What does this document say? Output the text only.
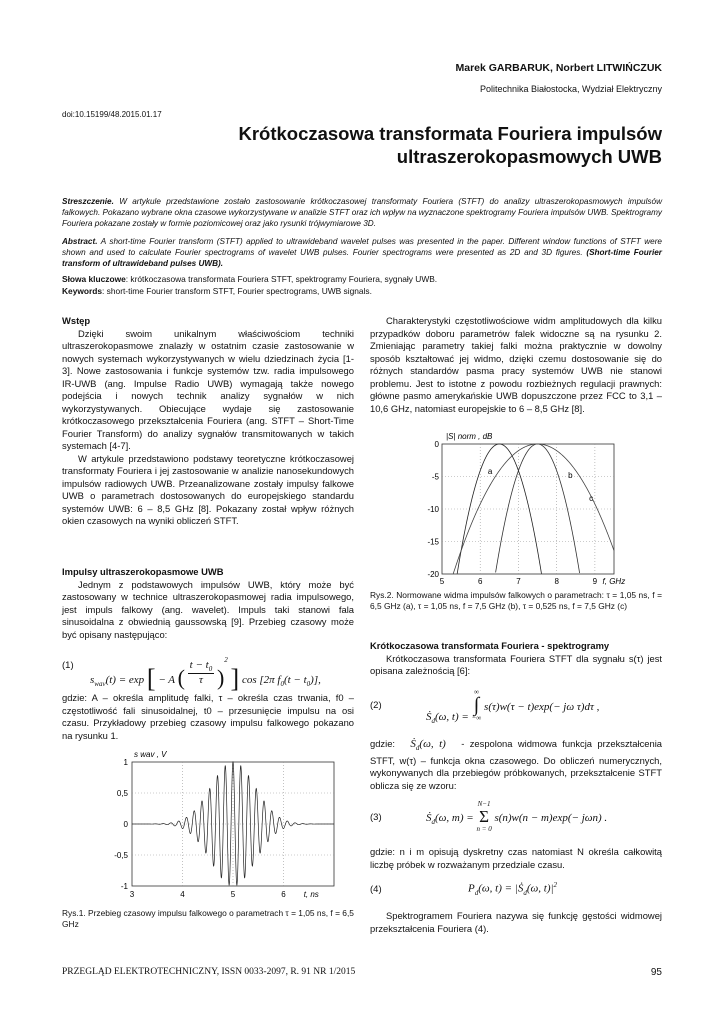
Marek GARBARUK, Norbert LITWIŃCZUK
Politechnika Białostocka, Wydział Elektryczny
doi:10.15199/48.2015.01.17
Krótkoczasowa transformata Fouriera impulsów
ultraszerokopasmowych UWB
Streszczenie. W artykule przedstawione zostało zastosowanie krótkoczasowej transformaty Fouriera (STFT) do analizy ultraszerokopasmowych impulsów falkowych. Pokazano wybrane okna czasowe wykorzystywane w analizie STFT oraz ich wpływ na wyznaczone spektrogramy Fouriera impulsów UWB. Spektrogramy Fouriera pokazane zostały w formie poziomicowej oraz jako rysunki trójwymiarowe 3D.
Abstract. A short-time Fourier transform (STFT) applied to ultrawideband wavelet pulses was presented in the paper. Different window functions of STFT were shown and used to calculate Fourier spectrograms of wavelet UWB pulses. Fourier spectrograms were presented as 2D and 3D figures. (Short-time Fourier transform of ultrawideband pulses UWB).
Słowa kluczowe: krótkoczasowa transformata Fouriera STFT, spektrogramy Fouriera, sygnały UWB.
Keywords: short-time Fourier transform STFT, Fourier spectrograms, UWB signals.
Wstęp
Dzięki swoim unikalnym właściwościom techniki ultraszerokopasmowe znalazły w ostatnim czasie zastosowanie w nowych systemach wykorzystywanych w wielu dziedzinach życia [1-3]. Nowe zastosowania i funkcje systemów tzw. radia impulsowego IR-UWB (ang. Impulse Radio UWB) wymagają także nowego podejścia i nowych technik analizy sygnałów w nich wykorzystywanych. Obiecujące wydaje się zastosowanie krótkoczasowego przekształcenia Fouriera (ang. STFT – Short-Time Fourier Transform) do analizy sygnałów transmitowanych w takich systemach [4-7].
W artykule przedstawiono podstawy teoretyczne krótkoczasowej transformaty Fouriera i jej zastosowanie w analizie nanosekundowych impulsów radiowych UWB. Przeanalizowane zostały impulsy falkowe UWB o parametrach dostosowanych do europejskiego standardu systemów UWB: 6 – 8,5 GHz [8]. Pokazany został wpływ różnych okien czasowych na wyniki obliczeń STFT.
Impulsy ultraszerokopasmowe UWB
Jednym z podstawowych impulsów UWB, który może być zastosowany w technice ultraszerokopasmowej radia impulsowego, jest impuls falkowy (ang. wavelet). Impuls taki stanowi fala sinusoidalna z obwiednią gaussowską [9]. Przebieg czasowy może być opisany następująco:
(1)
$s_{wav}(t) = \exp$ [ − A ( $\frac{t - t_0}{\tau} )^2$ ] cos [2π $f_0(t - t_0)$],
gdzie: A – określa amplitudę falki, τ – określa czas trwania, f0 – częstotliwość fali sinusoidalnej, t0 – przesunięcie impulsu na osi czasu. Przykładowy przebieg czasowy impulsu falkowego pokazano na rysunku 1.
3	4	5	6
1
0,5
0
-0,5
-1
s wav , V
t, ns
Rys.1. Przebieg czasowy impulsu falkowego o parametrach τ = 1,05 ns, f = 6,5 GHz
Charakterystyki częstotliwościowe widm amplitudowych dla kilku przypadków doboru parametrów falek widoczne są na rysunku 2. Zmieniając parametry takiej falki można praktycznie w dowolny sposób kształtować jej widmo, dzięki czemu dostosowanie się do różnych standardów pasma pracy systemów UWB nie stanowi problemu. Jest to istotne z powodu rozbieżnych regulacji prawnych: główne pasmo amerykańskie UWB dopuszczone przez FCC to 3,1 – 10,6 GHz, natomiast europejskie to 6 – 8,5 GHz [8].
a	b
c
5	6	7	8	9
0
-5
-10
-15
-20
|S| norm , dB
f, GHz
Rys.2. Normowane widma impulsów falkowych o parametrach: τ = 1,05 ns, f = 6,5 GHz (a), τ = 1,05 ns, f = 7,5 GHz (b), τ = 0,525 ns, f = 7,5 GHz (c)
Krótkoczasowa transformata Fouriera - spektrogramy
Krótkoczasowa transformata Fouriera STFT dla sygnału s(τ) jest opisana zależnością [6]:
(2)
Ṡ$_d$(ω, t) =
∞
∫
−∞
s(τ)w(τ − t)exp(− jω τ)dτ ,
gdzie: Ṡ$_d$(ω, t) - zespolona widmowa funkcja przekształcenia STFT, w(τ) – funkcja okna czasowego. Do obliczeń numerycznych, wykonywanych dla przebiegów próbkowanych, przekształcenie STFT oblicza się ze wzoru:
(3)	Ṡ$_d$(ω, m) =
N−1
Σ
n = 0
s(n)w(n − m)exp(− jωn) .
gdzie: n i m opisują dyskretny czas natomiast N określa całkowitą liczbę próbek w rozważanym przedziale czasu.
(4)	$P_d(\omega$, t) = |Ṡ$_d$(ω, $t)|^2$
Spektrogramem Fouriera nazywa się funkcję gęstości widmowej przekształcenia Fouriera (4).
PRZEGLĄD ELEKTROTECHNICZNY, ISSN 0033-2097, R. 91 NR 1/2015	95
